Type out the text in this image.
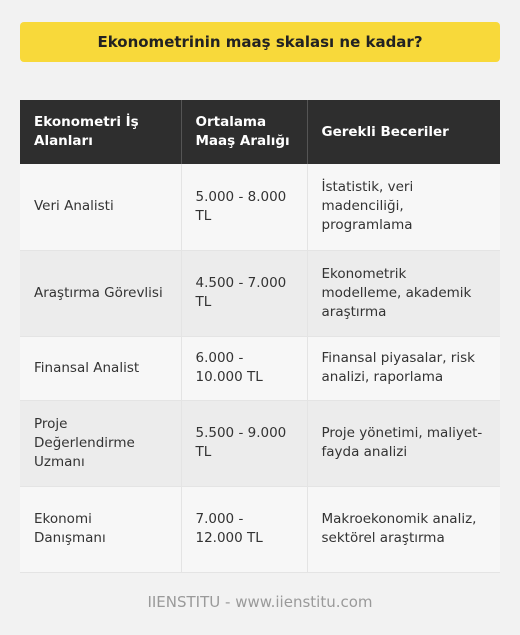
Ekonometrinin maaş skalası ne kadar?
Ekonometri İş Alanları	Ortalama Maaş Aralığı	Gerekli Beceriler
Veri Analisti	5.000 - 8.000 TL	İstatistik, veri madenciliği, programlama
Araştırma Görevlisi	4.500 - 7.000 TL	Ekonometrik modelleme, akademik araştırma
Finansal Analist	6.000 - 10.000 TL	Finansal piyasalar, risk analizi, raporlama
Proje Değerlendirme Uzmanı	5.500 - 9.000 TL	Proje yönetimi, maliyet-fayda analizi
Ekonomi Danışmanı	7.000 - 12.000 TL	Makroekonomik analiz, sektörel araştırma
IIENSTITU - www.iienstitu.com
